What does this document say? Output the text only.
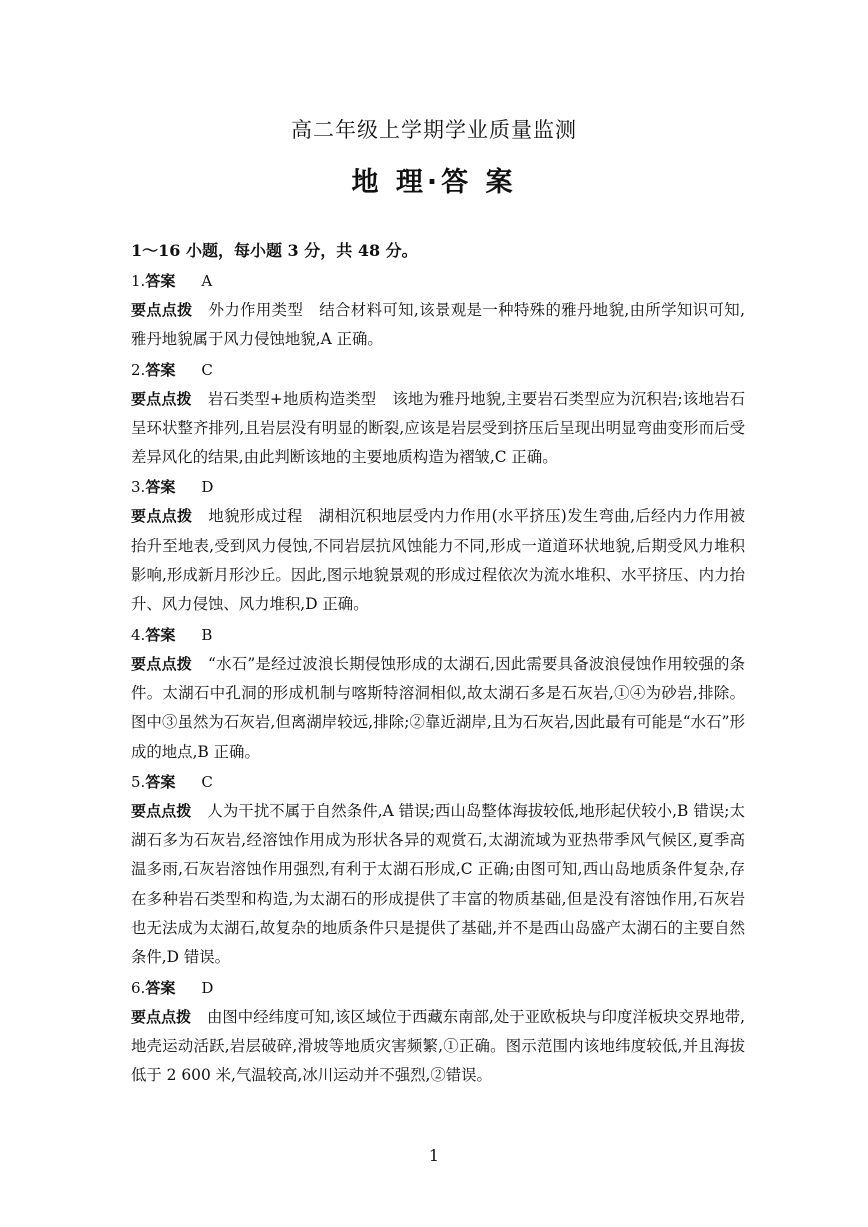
高二年级上学期学业质量监测
地 理·答 案

1～16 小题，每小题 3 分，共 48 分。

1.答案 A

要点点拨 外力作用类型 结合材料可知,该景观是一种特殊的雅丹地貌,由所学知识可知,雅丹地貌属于风力侵蚀地貌,A 正确。

2.答案 C

要点点拨 岩石类型+地质构造类型 该地为雅丹地貌,主要岩石类型应为沉积岩;该地岩石呈环状整齐排列,且岩层没有明显的断裂,应该是岩层受到挤压后呈现出明显弯曲变形而后受差异风化的结果,由此判断该地的主要地质构造为褶皱,C 正确。

3.答案 D

要点点拨 地貌形成过程 湖相沉积地层受内力作用(水平挤压)发生弯曲,后经内力作用被抬升至地表,受到风力侵蚀,不同岩层抗风蚀能力不同,形成一道道环状地貌,后期受风力堆积影响,形成新月形沙丘。因此,图示地貌景观的形成过程依次为流水堆积、水平挤压、内力抬升、风力侵蚀、风力堆积,D 正确。

4.答案 B

要点点拨 “水石”是经过波浪长期侵蚀形成的太湖石,因此需要具备波浪侵蚀作用较强的条件。太湖石中孔洞的形成机制与喀斯特溶洞相似,故太湖石多是石灰岩,①④为砂岩,排除。图中③虽然为石灰岩,但离湖岸较远,排除;②靠近湖岸,且为石灰岩,因此最有可能是“水石”形成的地点,B 正确。

5.答案 C

要点点拨 人为干扰不属于自然条件,A 错误;西山岛整体海拔较低,地形起伏较小,B 错误;太湖石多为石灰岩,经溶蚀作用成为形状各异的观赏石,太湖流域为亚热带季风气候区,夏季高温多雨,石灰岩溶蚀作用强烈,有利于太湖石形成,C 正确;由图可知,西山岛地质条件复杂,存在多种岩石类型和构造,为太湖石的形成提供了丰富的物质基础,但是没有溶蚀作用,石灰岩也无法成为太湖石,故复杂的地质条件只是提供了基础,并不是西山岛盛产太湖石的主要自然条件,D 错误。

6.答案 D

要点点拨 由图中经纬度可知,该区域位于西藏东南部,处于亚欧板块与印度洋板块交界地带,地壳运动活跃,岩层破碎,滑坡等地质灾害频繁,①正确。图示范围内该地纬度较低,并且海拔低于 2 600 米,气温较高,冰川运动并不强烈,②错误。

1
